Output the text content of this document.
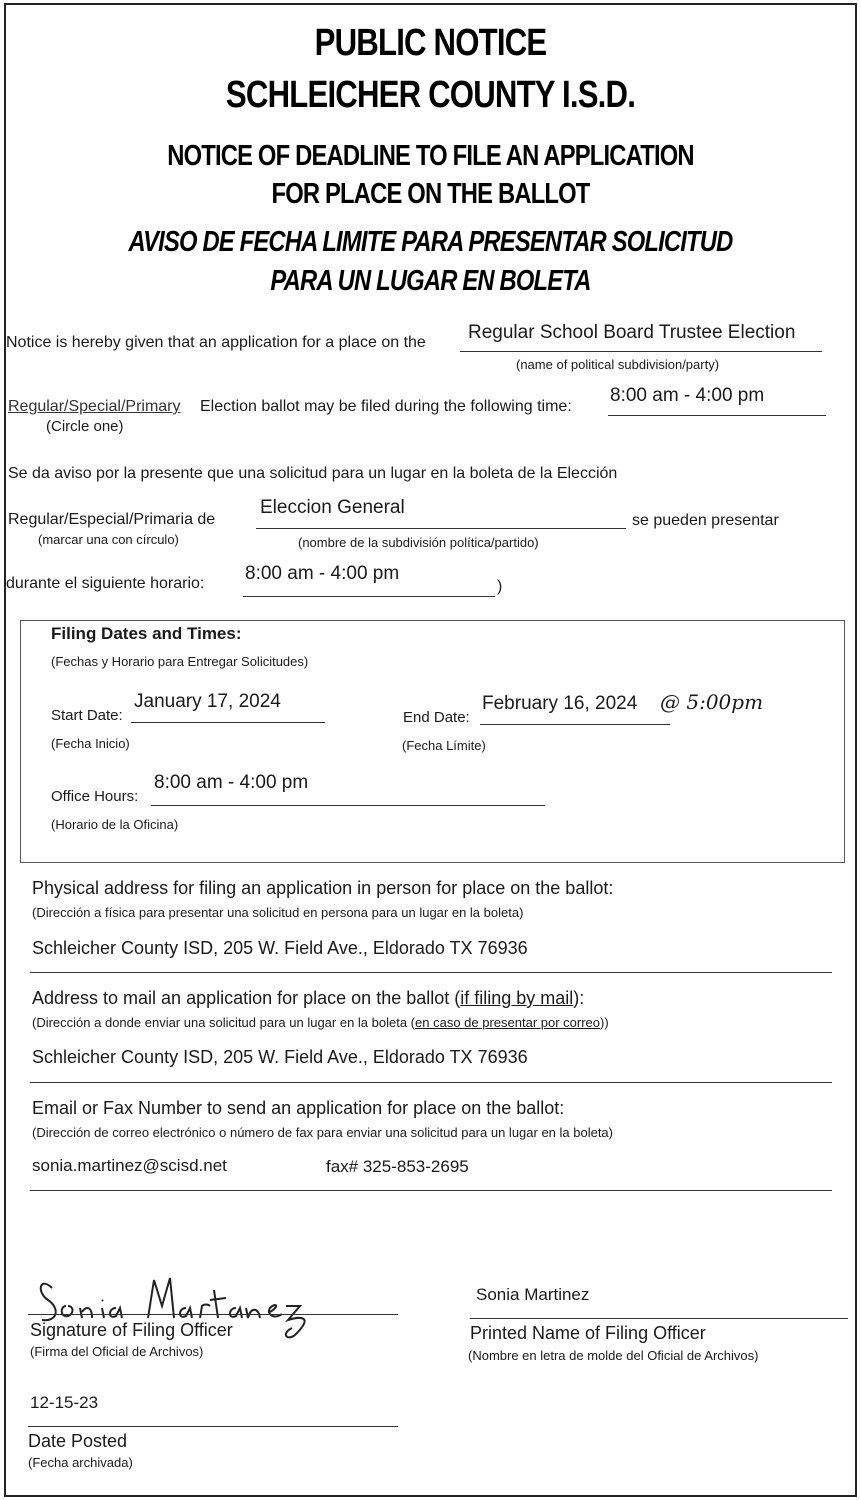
PUBLIC NOTICE
SCHLEICHER COUNTY I.S.D.
NOTICE OF DEADLINE TO FILE AN APPLICATION
FOR PLACE ON THE BALLOT
AVISO DE FECHA LIMITE PARA PRESENTAR SOLICITUD
PARA UN LUGAR EN BOLETA
Notice is hereby given that an application for a place on the Regular School Board Trustee Election
(name of political subdivision/party)
Regular/Special/Primary Election ballot may be filed during the following time:
8:00 am - 4:00 pm
(Circle one)
Se da aviso por la presente que una solicitud para un lugar en la boleta de la Elección
Regular/Especial/Primaria de
Eleccion General
se pueden presentar
(marcar una con círculo)	(nombre de la subdivisión política/partido)
durante el siguiente horario: 8:00 am - 4:00 pm
)
Filing Dates and Times:
(Fechas y Horario para Entregar Solicitudes)
Start Date:
January 17, 2024
(Fecha Inicio)
End Date:
February 16, 2024 @ 5:00pm
(Fecha Límite)
Office Hours:
8:00 am - 4:00 pm
(Horario de la Oficina)
Physical address for filing an application in person for place on the ballot:
(Dirección a física para presentar una solicitud en persona para un lugar en la boleta)
Schleicher County ISD, 205 W. Field Ave., Eldorado TX 76936
Address to mail an application for place on the ballot (if filing by mail):
(Dirección a donde enviar una solicitud para un lugar en la boleta (en caso de presentar por correo))
Schleicher County ISD, 205 W. Field Ave., Eldorado TX 76936
Email or Fax Number to send an application for place on the ballot:
(Dirección de correo electrónico o número de fax para enviar una solicitud para un lugar en la boleta)
sonia.martinez@scisd.net	fax# 325-853-2695
Sonia Martinez
Signature of Filing Officer
(Firma del Oficial de Archivos)
Sonia Martinez
Printed Name of Filing Officer
(Nombre en letra de molde del Oficial de Archivos)
12-15-23
Date Posted
(Fecha archivada)
